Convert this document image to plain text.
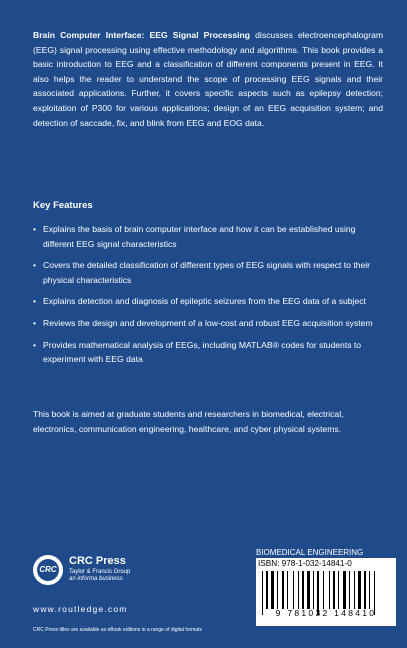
Brain Computer Interface: EEG Signal Processing discusses electroencephalogram (EEG) signal processing using effective methodology and algorithms. This book provides a basic introduction to EEG and a classification of different components present in EEG. It also helps the reader to understand the scope of processing EEG signals and their associated applications. Further, it covers specific aspects such as epilepsy detection; exploitation of P300 for various applications; design of an EEG acquisition system; and detection of saccade, fix, and blink from EEG and EOG data.
Key Features
• Explains the basis of brain computer interface and how it can be established using different EEG signal characteristics
• Covers the detailed classification of different types of EEG signals with respect to their physical characteristics
• Explains detection and diagnosis of epileptic seizures from the EEG data of a subject
• Reviews the design and development of a low-cost and robust EEG acquisition system
• Provides mathematical analysis of EEGs, including MATLAB® codes for students to experiment with EEG data
This book is aimed at graduate students and researchers in biomedical, electrical, electronics, communication engineering, healthcare, and cyber physical systems.
CRC
CRC Press
Taylor & Francis Group
an informa business
www.routledge.com
CRC Press titles are available as eBook editions in a range of digital formats
BIOMEDICAL ENGINEERING
ISBN: 978-1-032-14841-0
9 781032 148410
